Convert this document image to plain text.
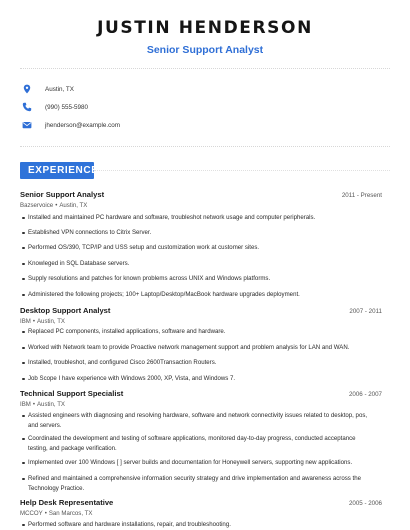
JUSTIN HENDERSON
Senior Support Analyst
Austin, TX
(990) 555-5980
jhenderson@example.com
EXPERIENCE
Senior Support Analyst	2011 - Present
Bazservoice • Austin, TX
Installed and maintained PC hardware and software, troubleshot network usage and computer peripherals.
Established VPN connections to Citrix Server.
Performed OS/390, TCP/IP and USS setup and customization work at customer sites.
Knowleged in SQL Database servers.
Supply resolutions and patches for known problems across UNIX and Windows platforms.
Administered the following projects; 100+ Laptop/Desktop/MacBook hardware upgrades deployment.
Desktop Support Analyst	2007 - 2011
IBM • Austin, TX
Replaced PC components, installed applications, software and hardware.
Worked with Network team to provide Proactive network management support and problem analysis for LAN and WAN.
Installed, troubleshot, and configured Cisco 2600Transaction Routers.
Job Scope I have experience with Windows 2000, XP, Vista, and Windows 7.
Technical Support Specialist	2006 - 2007
IBM • Austin, TX
Assisted engineers with diagnosing and resolving hardware, software and network connectivity issues related to desktop, pos, and servers.
Coordinated the development and testing of software applications, monitored day-to-day progress, conducted acceptance testing, and package verification.
Implemented over 100 Windows [ ] server builds and documentation for Honeywell servers, supporting new applications.
Refined and maintained a comprehensive information security strategy and drive implementation and awareness across the Technology Practice.
Help Desk Representative	2005 - 2006
MCCOY • San Marcos, TX
Performed software and hardware installations, repair, and troubleshooting.
